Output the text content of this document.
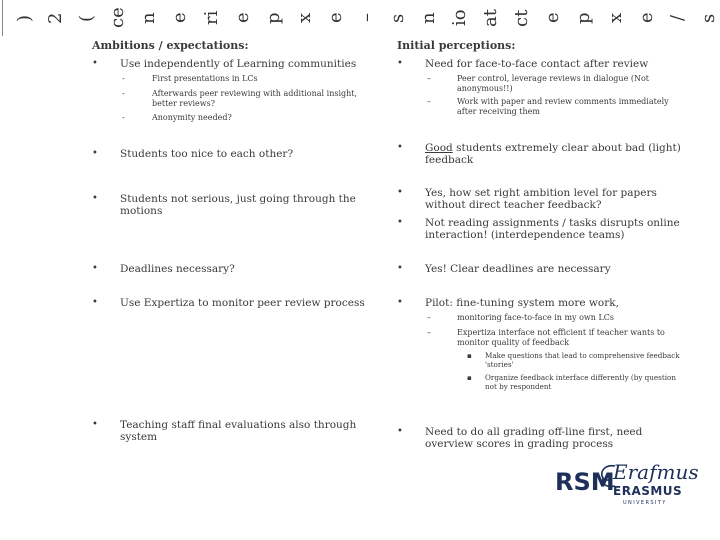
) 2 ( ce n e ri e p x e – s n io at ct e p x e / s
Ambitions / expectations:
•	Use independently of Learning communities
-	First presentations in LCs
-	Afterwards peer reviewing with additional insight, better reviews?
-	Anonymity needed?
•	Students too nice to each other?
•	Students not serious, just going through the motions
•	Deadlines necessary?
•	Use Expertiza to monitor peer review process
•	Teaching staff final evaluations also through system
Initial perceptions:
•	Need for face-to-face contact after review
–	Peer control, leverage reviews in dialogue (Not anonymous!!)
–	Work with paper and review comments immediately after receiving them
•	Good students extremely clear about bad (light) feedback
•	Yes, how set right ambition level for papers without direct teacher feedback?
•	Not reading assignments / tasks disrupts online interaction! (interdependence teams)
•	Yes! Clear deadlines are necessary
•	Pilot: fine-tuning system more work,
–	monitoring face-to-face in my own LCs
–	Expertiza interface not efficient if teacher wants to monitor quality of feedback
▪ Make questions that lead to comprehensive feedback 'stories'
▪ Organize feedback interface differently (by question not by respondent
•	Need to do all grading off-line first, need overview scores in grading process
RSM
Erafmus
ERASMUS
UNIVERSITY
